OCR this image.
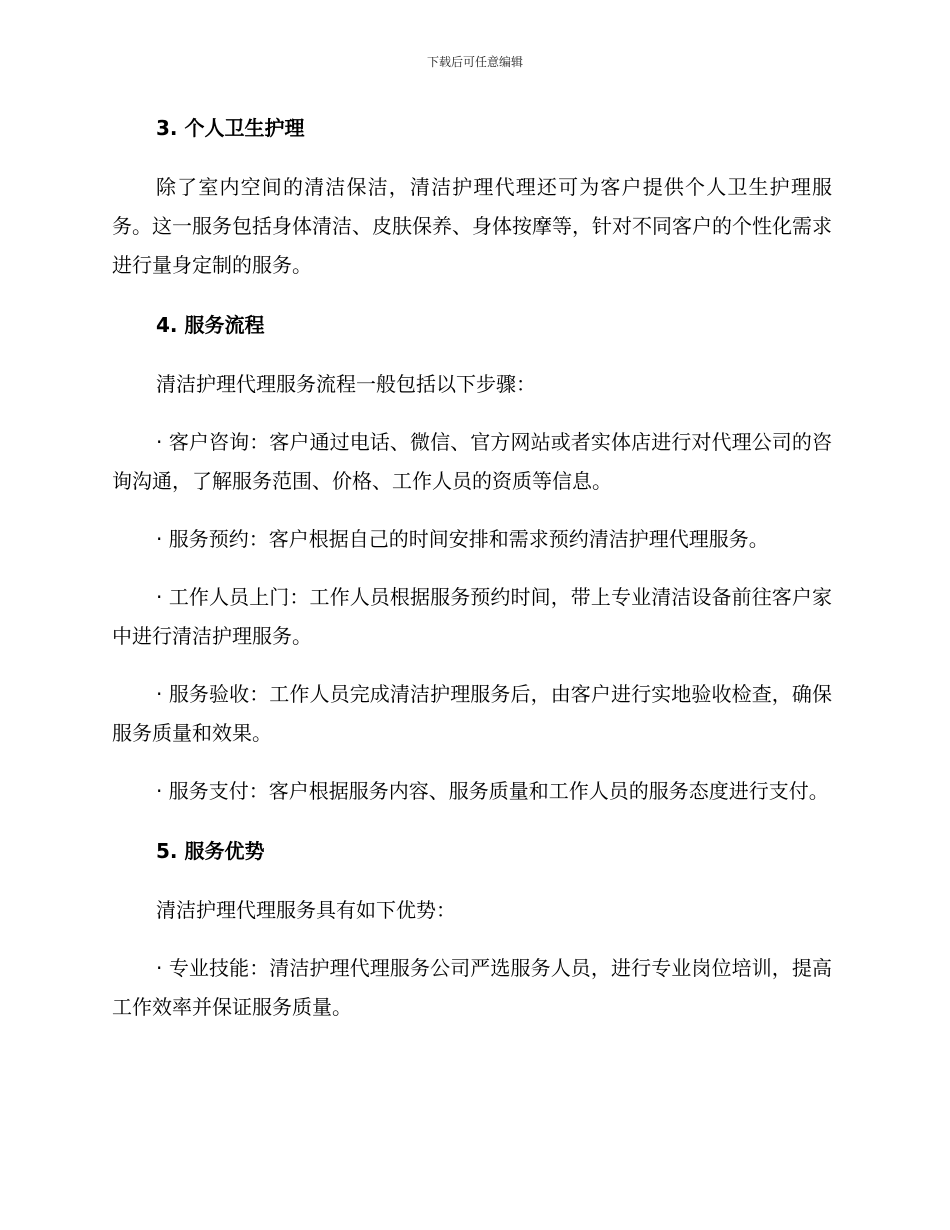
下载后可任意编辑
3. 个人卫生护理
除了室内空间的清洁保洁，清洁护理代理还可为客户提供个人卫生护理服务。这一服务包括身体清洁、皮肤保养、身体按摩等，针对不同客户的个性化需求进行量身定制的服务。
4. 服务流程
清洁护理代理服务流程一般包括以下步骤：
· 客户咨询：客户通过电话、微信、官方网站或者实体店进行对代理公司的咨询沟通，了解服务范围、价格、工作人员的资质等信息。
· 服务预约：客户根据自己的时间安排和需求预约清洁护理代理服务。
· 工作人员上门：工作人员根据服务预约时间，带上专业清洁设备前往客户家中进行清洁护理服务。
· 服务验收：工作人员完成清洁护理服务后，由客户进行实地验收检查，确保服务质量和效果。
· 服务支付：客户根据服务内容、服务质量和工作人员的服务态度进行支付。
5. 服务优势
清洁护理代理服务具有如下优势：
· 专业技能：清洁护理代理服务公司严选服务人员，进行专业岗位培训，提高工作效率并保证服务质量。
